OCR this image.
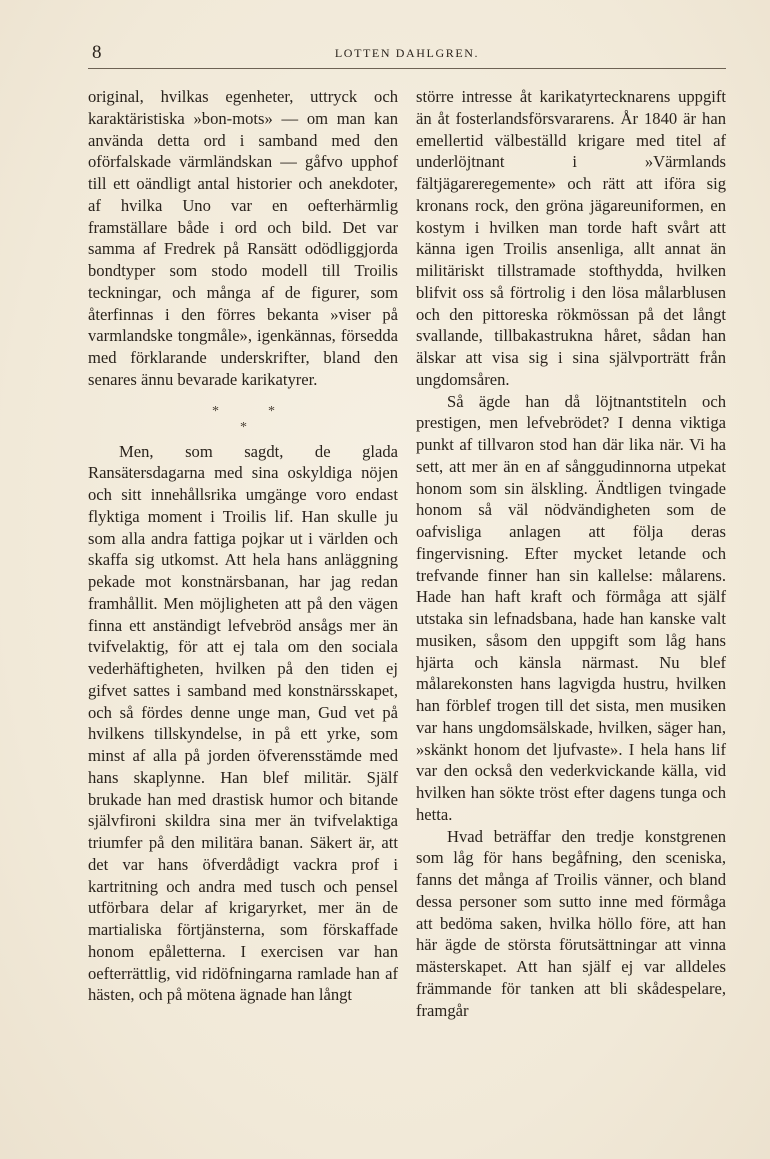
8	LOTTEN DAHLGREN.

original, hvilkas egenheter, uttryck och karaktäristiska »bon-mots» — om man kan använda detta ord i samband med den oförfalskade värmländskan — gåfvo upphof till ett oändligt antal historier och anekdoter, af hvilka Uno var en oefterhärmlig framställare både i ord och bild. Det var samma af Fredrek på Ransätt odödliggjorda bondtyper som stodo modell till Troilis teckningar, och många af de figurer, som återfinnas i den förres bekanta »viser på varmlandske tongmåle», igenkännas, försedda med förklarande underskrifter, bland den senares ännu bevarade karikatyrer.

*	*
*

Men, som sagdt, de glada Ransätersdagarna med sina oskyldiga nöjen och sitt innehållsrika umgänge voro endast flyktiga moment i Troilis lif. Han skulle ju som alla andra fattiga pojkar ut i världen och skaffa sig utkomst. Att hela hans anläggning pekade mot konstnärsbanan, har jag redan framhållit. Men möjligheten att på den vägen finna ett anständigt lefvebröd ansågs mer än tvifvelaktig, för att ej tala om den sociala vederhäftigheten, hvilken på den tiden ej gifvet sattes i samband med konstnärsskapet, och så fördes denne unge man, Gud vet på hvilkens tillskyndelse, in på ett yrke, som minst af alla på jorden öfverensstämde med hans skaplynne. Han blef militär. Själf brukade han med drastisk humor och bitande självfironi skildra sina mer än tvifvelaktiga triumfer på den militära banan. Säkert är, att det var hans öfverdådigt vackra prof i kartritning och andra med tusch och pensel utförbara delar af krigaryrket, mer än de martialiska förtjänsterna, som förskaffade honom epåletterna. I exercisen var han oefterrättlig, vid ridöfningarna ramlade han af hästen, och på mötena ägnade han långt

större intresse åt karikatyrtecknarens uppgift än åt fosterlandsförsvararens. År 1840 är han emellertid välbeställd krigare med titel af underlöjtnant i »Värmlands fältjägareregemente» och rätt att iföra sig kronans rock, den gröna jägareuniformen, en kostym i hvilken man torde haft svårt att känna igen Troilis ansenliga, allt annat än militäriskt tillstramade stofthydda, hvilken blifvit oss så förtrolig i den lösa målarblusen och den pittoreska rökmössan på det långt svallande, tillbakastrukna håret, sådan han älskar att visa sig i sina självporträtt från ungdomsåren.

Så ägde han då löjtnantstiteln och prestigen, men lefvebrödet? I denna viktiga punkt af tillvaron stod han där lika när. Vi ha sett, att mer än en af sånggudinnorna utpekat honom som sin älskling. Ändtligen tvingade honom så väl nödvändigheten som de oafvisliga anlagen att följa deras fingervisning. Efter mycket letande och trefvande finner han sin kallelse: målarens. Hade han haft kraft och förmåga att själf utstaka sin lefnadsbana, hade han kanske valt musiken, såsom den uppgift som låg hans hjärta och känsla närmast. Nu blef målarekonsten hans lagvigda hustru, hvilken han förblef trogen till det sista, men musiken var hans ungdomsälskade, hvilken, säger han, »skänkt honom det ljufvaste». I hela hans lif var den också den vederkvickande källa, vid hvilken han sökte tröst efter dagens tunga och hetta.

Hvad beträffar den tredje konstgrenen som låg för hans begåfning, den sceniska, fanns det många af Troilis vänner, och bland dessa personer som sutto inne med förmåga att bedöma saken, hvilka höllo före, att han här ägde de största förutsättningar att vinna mästerskapet. Att han själf ej var alldeles främmande för tanken att bli skådespelare, framgår
